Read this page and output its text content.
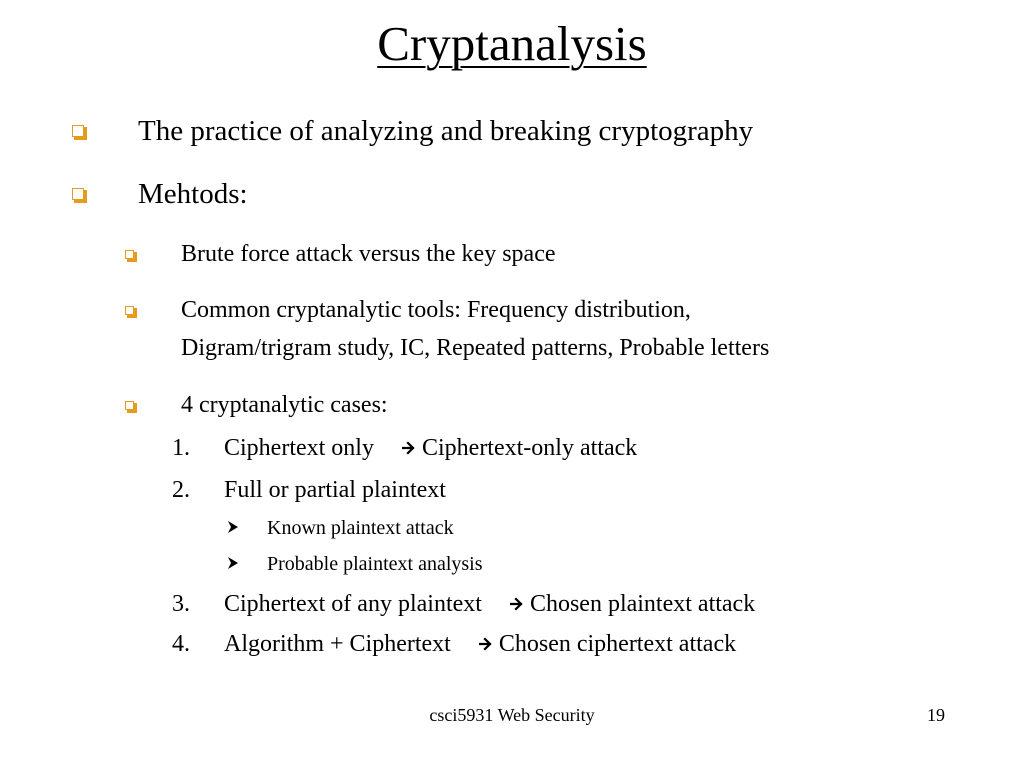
Cryptanalysis
The practice of analyzing and breaking cryptography
Mehtods:
Brute force attack versus the key space
Common cryptanalytic tools: Frequency distribution,
Digram/trigram study, IC, Repeated patterns, Probable letters
4 cryptanalytic cases:
1. Ciphertext only Ciphertext-only attack
2. Full or partial plaintext
Known plaintext attack
Probable plaintext analysis
3. Ciphertext of any plaintext Chosen plaintext attack
4. Algorithm + Ciphertext Chosen ciphertext attack
csci5931 Web Security	19
